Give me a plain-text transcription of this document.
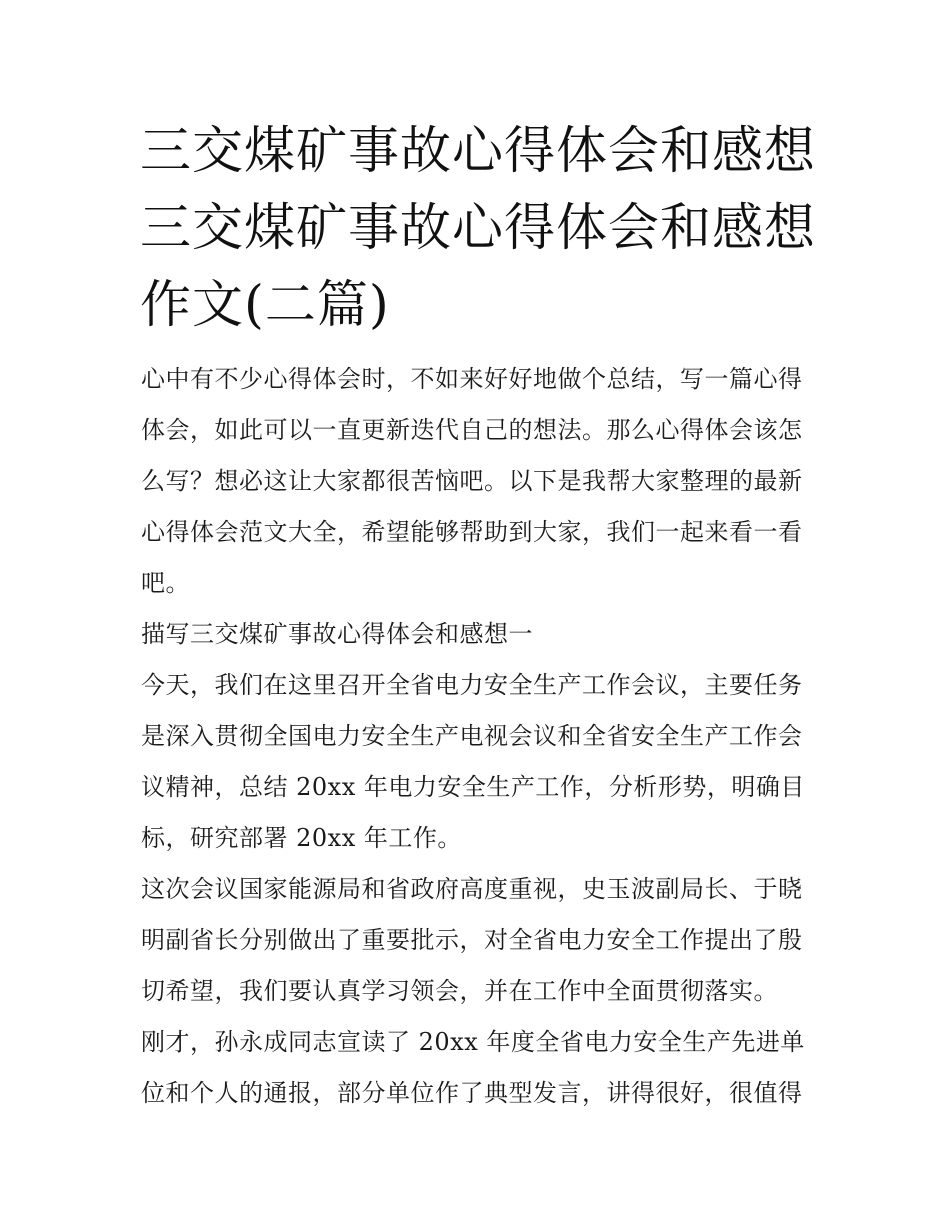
三交煤矿事故心得体会和感想
三交煤矿事故心得体会和感想
作文(二篇)
心中有不少心得体会时，不如来好好地做个总结，写一篇心得
体会，如此可以一直更新迭代自己的想法。那么心得体会该怎
么写？想必这让大家都很苦恼吧。以下是我帮大家整理的最新
心得体会范文大全，希望能够帮助到大家，我们一起来看一看
吧。
描写三交煤矿事故心得体会和感想一
今天，我们在这里召开全省电力安全生产工作会议，主要任务
是深入贯彻全国电力安全生产电视会议和全省安全生产工作会
议精神，总结 20xx 年电力安全生产工作，分析形势，明确目
标，研究部署 20xx 年工作。
这次会议国家能源局和省政府高度重视，史玉波副局长、于晓
明副省长分别做出了重要批示，对全省电力安全工作提出了殷
切希望，我们要认真学习领会，并在工作中全面贯彻落实。
刚才，孙永成同志宣读了 20xx 年度全省电力安全生产先进单
位和个人的通报，部分单位作了典型发言，讲得很好，很值得
